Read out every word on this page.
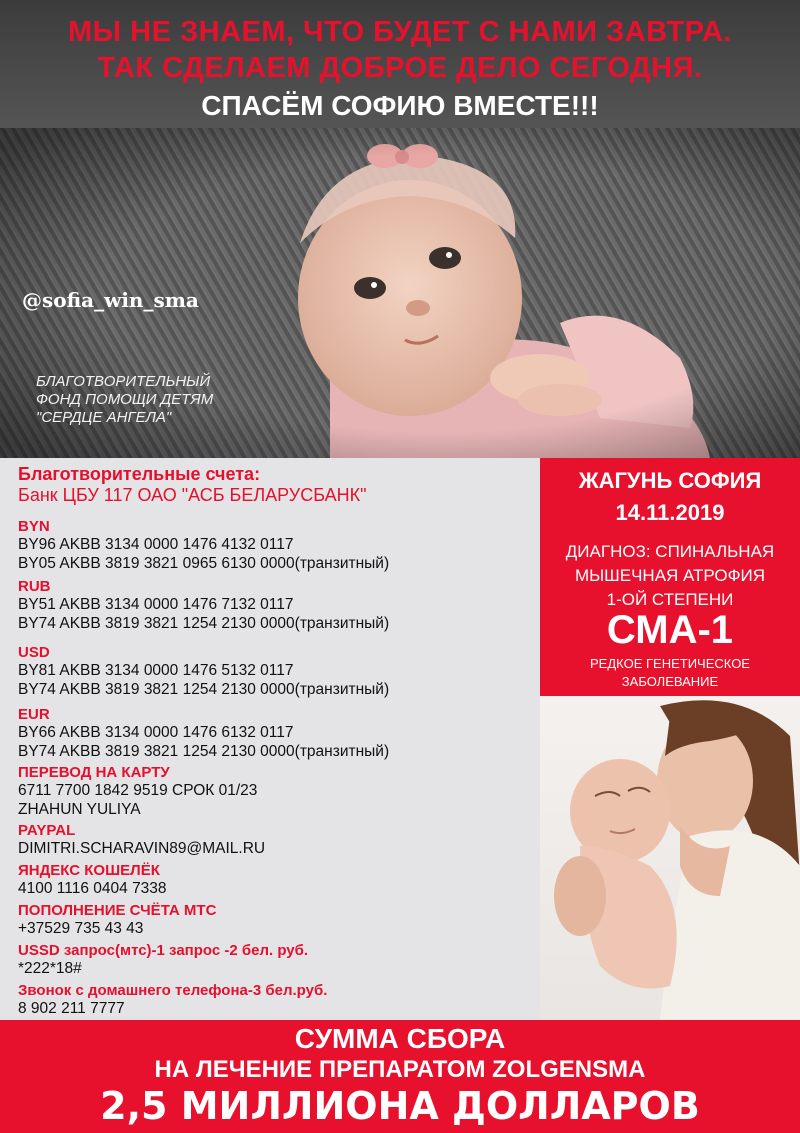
МЫ НЕ ЗНАЕМ, ЧТО БУДЕТ С НАМИ ЗАВТРА.
ТАК СДЕЛАЕМ ДОБРОЕ ДЕЛО СЕГОДНЯ.
СПАСЁМ СОФИЮ ВМЕСТЕ!!!
@sofia_win_sma
БЛАГОТВОРИТЕЛЬНЫЙ
ФОНД ПОМОЩИ ДЕТЯМ
"СЕРДЦЕ АНГЕЛА"
Благотворительные счета:
Банк ЦБУ 117 ОАО "АСБ БЕЛАРУСБАНК"
BYN
BY96 AKBB 3134 0000 1476 4132 0117
BY05 AKBB 3819 3821 0965 6130 0000(транзитный)
RUB
BY51 AKBB 3134 0000 1476 7132 0117
BY74 AKBB 3819 3821 1254 2130 0000(транзитный)
USD
BY81 AKBB 3134 0000 1476 5132 0117
BY74 AKBB 3819 3821 1254 2130 0000(транзитный)
EUR
BY66 AKBB 3134 0000 1476 6132 0117
BY74 AKBB 3819 3821 1254 2130 0000(транзитный)
ПЕРЕВОД НА КАРТУ
6711 7700 1842 9519 СРОК 01/23
ZHAHUN YULIYA
PAYPAL
DIMITRI.SCHARAVIN89@MAIL.RU
ЯНДЕКС КОШЕЛЁК
4100 1116 0404 7338
ПОПОЛНЕНИЕ СЧЁТА МТС
+37529 735 43 43
USSD запрос(мтс)-1 запрос -2 бел. руб.
*222*18#
Звонок с домашнего телефона-3 бел.руб.
8 902 211 7777
ЖАГУНЬ СОФИЯ
14.11.2019
ДИАГНОЗ: СПИНАЛЬНАЯ
МЫШЕЧНАЯ АТРОФИЯ
1-ОЙ СТЕПЕНИ
СМА-1
РЕДКОЕ ГЕНЕТИЧЕСКОЕ
ЗАБОЛЕВАНИЕ
СУММА СБОРА
НА ЛЕЧЕНИЕ ПРЕПАРАТОМ ZOLGENSMA
2,5 МИЛЛИОНА ДОЛЛАРОВ
